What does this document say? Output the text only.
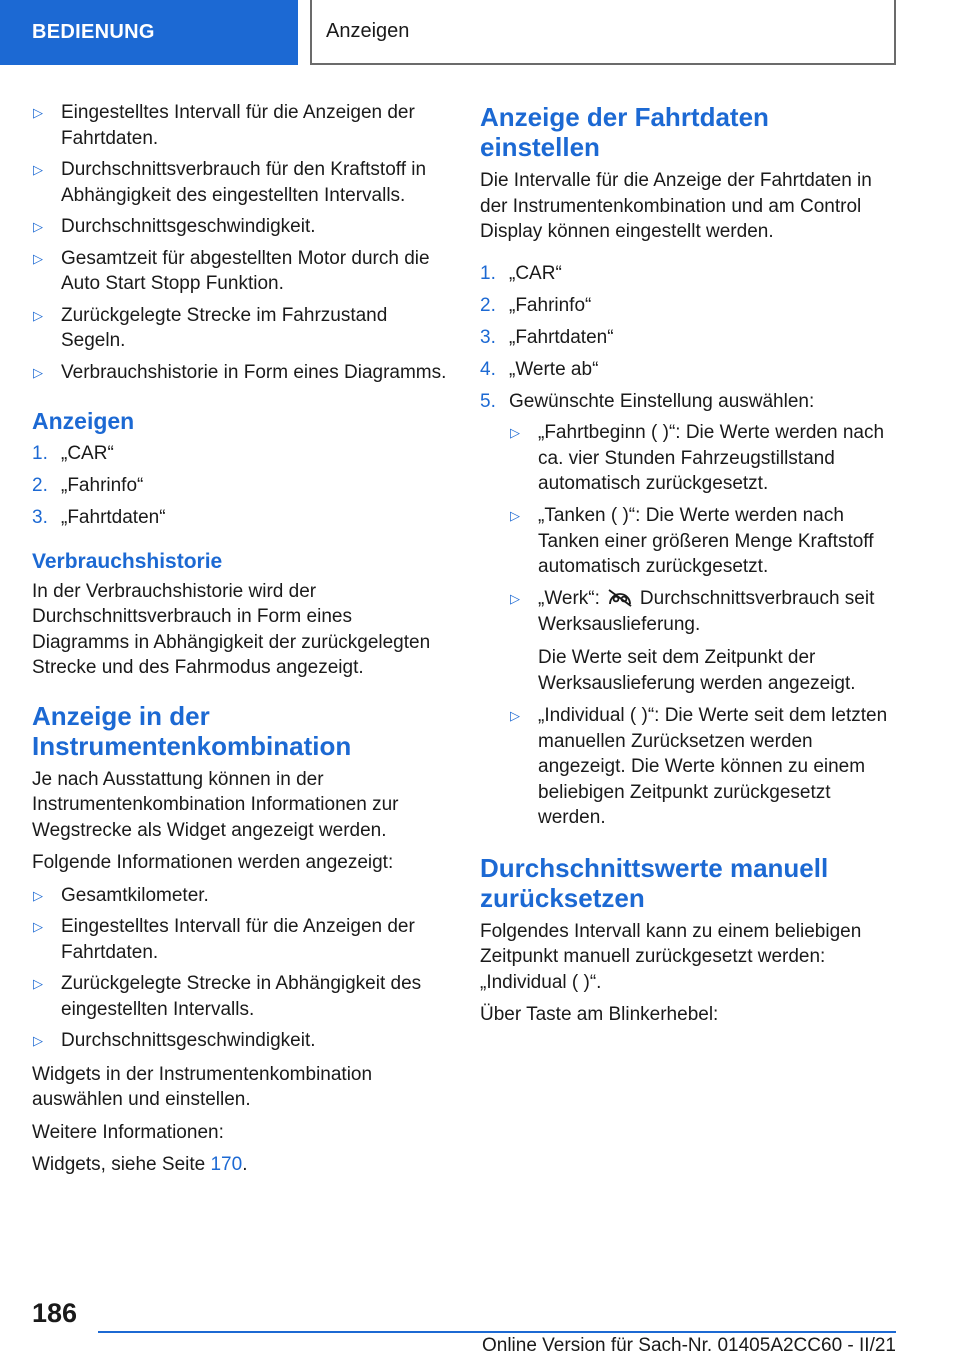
BEDIENUNG	Anzeigen
▷ Eingestelltes Intervall für die Anzeigen der Fahrtdaten.
▷ Durchschnittsverbrauch für den Kraftstoff in Abhängigkeit des eingestellten Intervalls.
▷ Durchschnittsgeschwindigkeit.
▷ Gesamtzeit für abgestellten Motor durch die Auto Start Stopp Funktion.
▷ Zurückgelegte Strecke im Fahrzustand Segeln.
▷ Verbrauchshistorie in Form eines Diagramms.
Anzeigen
1. „CAR“
2. „Fahrinfo“
3. „Fahrtdaten“
Verbrauchshistorie

In der Verbrauchshistorie wird der Durchschnittsverbrauch in Form eines Diagramms in Abhängigkeit der zurückgelegten Strecke und des Fahrmodus angezeigt.

Anzeige in der Instrumentenkombination

Je nach Ausstattung können in der Instrumentenkombination Informationen zur Wegstrecke als Widget angezeigt werden.

Folgende Informationen werden angezeigt:

▷ Gesamtkilometer.
▷ Eingestelltes Intervall für die Anzeigen der Fahrtdaten.
▷ Zurückgelegte Strecke in Abhängigkeit des eingestellten Intervalls.
▷ Durchschnittsgeschwindigkeit.

Widgets in der Instrumentenkombination auswählen und einstellen.

Weitere Informationen:

Widgets, siehe Seite 170.

Anzeige der Fahrtdaten einstellen

Die Intervalle für die Anzeige der Fahrtdaten in der Instrumentenkombination und am Control Display können eingestellt werden.

1. „CAR“
2. „Fahrinfo“
3. „Fahrtdaten“
4. „Werte ab“
5. Gewünschte Einstellung auswählen:
▷ „Fahrtbeginn ( )“: Die Werte werden nach ca. vier Stunden Fahrzeugstillstand automatisch zurückgesetzt.
▷ „Tanken ( )“: Die Werte werden nach Tanken einer größeren Menge Kraftstoff automatisch zurückgesetzt.
▷ „Werk“: Durchschnittsverbrauch seit Werksauslieferung.

Die Werte seit dem Zeitpunkt der Werksauslieferung werden angezeigt.

▷ „Individual ( )“: Die Werte seit dem letzten manuellen Zurücksetzen werden angezeigt. Die Werte können zu einem beliebigen Zeitpunkt zurückgesetzt werden.
Durchschnittswerte manuell zurücksetzen

Folgendes Intervall kann zu einem beliebigen Zeitpunkt manuell zurückgesetzt werden: „Individual ( )“.

Über Taste am Blinkerhebel:

186
Online Version für Sach-Nr. 01405A2CC60 - II/21
